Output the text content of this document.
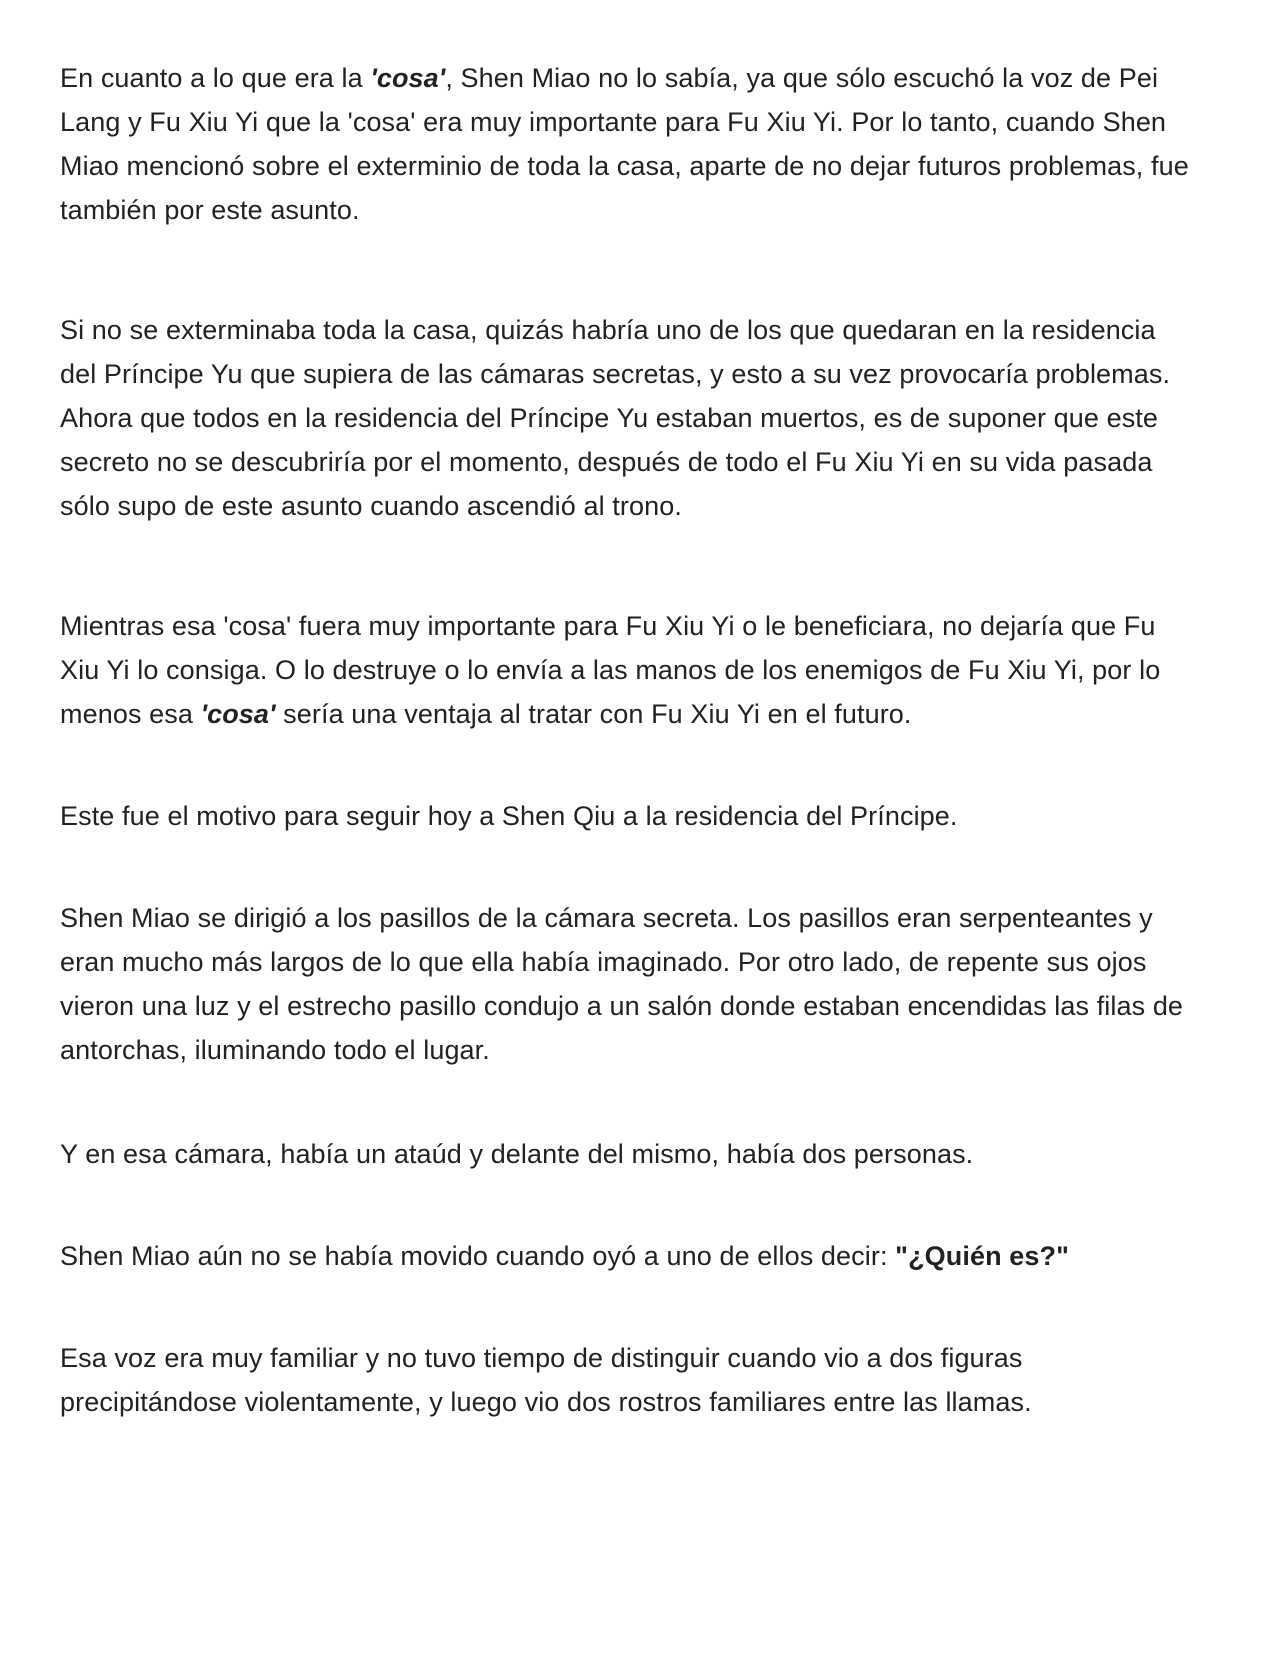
En cuanto a lo que era la 'cosa', Shen Miao no lo sabía, ya que sólo escuchó la voz de Pei Lang y Fu Xiu Yi que la 'cosa' era muy importante para Fu Xiu Yi. Por lo tanto, cuando Shen Miao mencionó sobre el exterminio de toda la casa, aparte de no dejar futuros problemas, fue también por este asunto.

Si no se exterminaba toda la casa, quizás habría uno de los que quedaran en la residencia del Príncipe Yu que supiera de las cámaras secretas, y esto a su vez provocaría problemas. Ahora que todos en la residencia del Príncipe Yu estaban muertos, es de suponer que este secreto no se descubriría por el momento, después de todo el Fu Xiu Yi en su vida pasada sólo supo de este asunto cuando ascendió al trono.

Mientras esa 'cosa' fuera muy importante para Fu Xiu Yi o le beneficiara, no dejaría que Fu Xiu Yi lo consiga. O lo destruye o lo envía a las manos de los enemigos de Fu Xiu Yi, por lo menos esa 'cosa' sería una ventaja al tratar con Fu Xiu Yi en el futuro.

Este fue el motivo para seguir hoy a Shen Qiu a la residencia del Príncipe.

Shen Miao se dirigió a los pasillos de la cámara secreta. Los pasillos eran serpenteantes y eran mucho más largos de lo que ella había imaginado. Por otro lado, de repente sus ojos vieron una luz y el estrecho pasillo condujo a un salón donde estaban encendidas las filas de antorchas, iluminando todo el lugar.

Y en esa cámara, había un ataúd y delante del mismo, había dos personas.

Shen Miao aún no se había movido cuando oyó a uno de ellos decir: "¿Quién es?"

Esa voz era muy familiar y no tuvo tiempo de distinguir cuando vio a dos figuras precipitándose violentamente, y luego vio dos rostros familiares entre las llamas.
